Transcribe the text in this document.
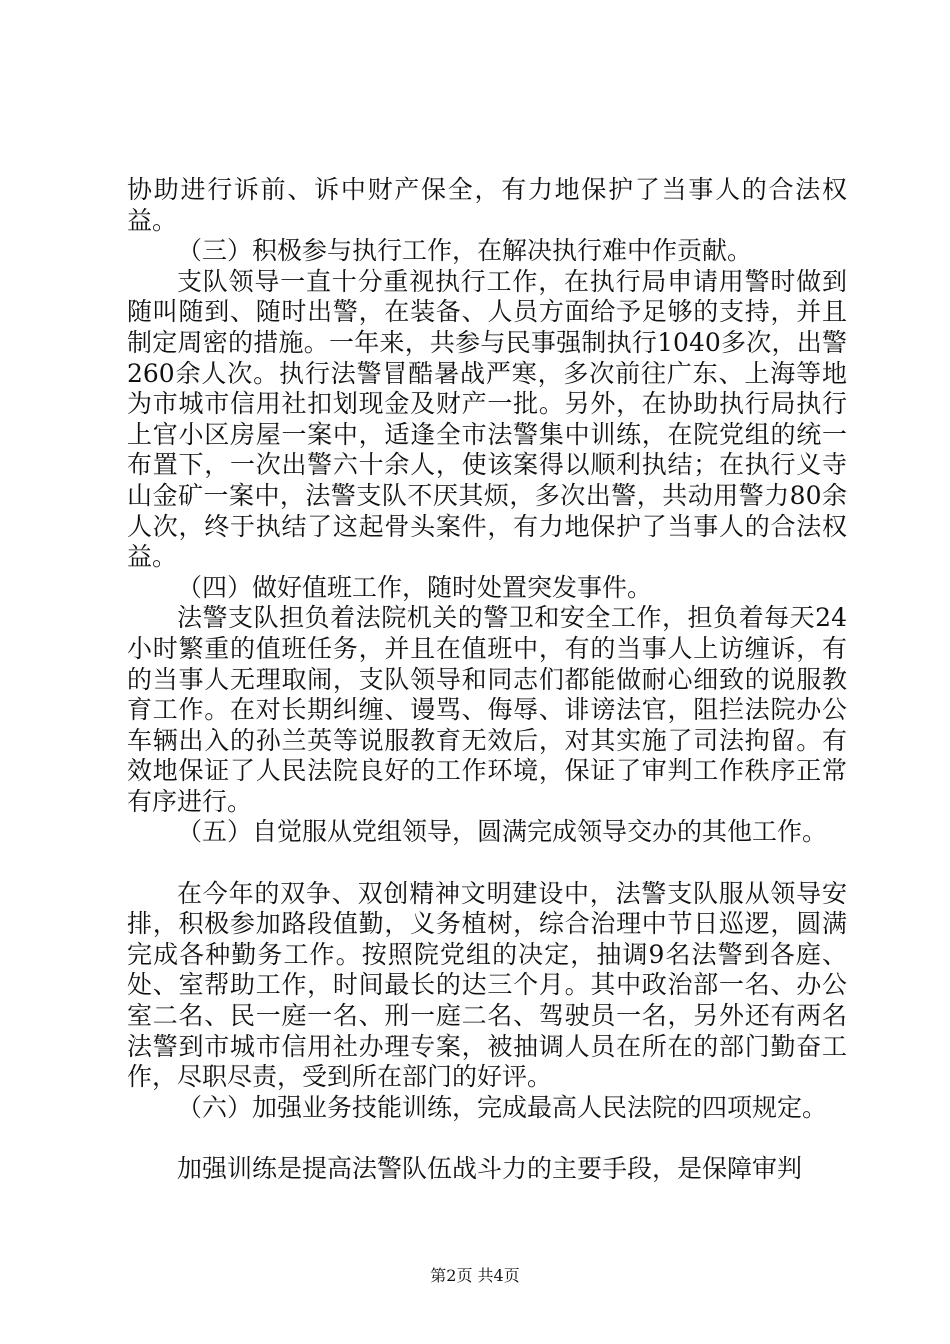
协助进行诉前、诉中财产保全，有力地保护了当事人的合法权益。

（三）积极参与执行工作，在解决执行难中作贡献。

支队领导一直十分重视执行工作，在执行局申请用警时做到随叫随到、随时出警，在装备、人员方面给予足够的支持，并且制定周密的措施。一年来，共参与民事强制执行1040多次，出警260余人次。执行法警冒酷暑战严寒，多次前往广东、上海等地为市城市信用社扣划现金及财产一批。另外，在协助执行局执行上官小区房屋一案中，适逢全市法警集中训练，在院党组的统一布置下，一次出警六十余人，使该案得以顺利执结；在执行义寺山金矿一案中，法警支队不厌其烦，多次出警，共动用警力80余人次，终于执结了这起骨头案件，有力地保护了当事人的合法权益。

（四）做好值班工作，随时处置突发事件。

法警支队担负着法院机关的警卫和安全工作，担负着每天24小时繁重的值班任务，并且在值班中，有的当事人上访缠诉，有的当事人无理取闹，支队领导和同志们都能做耐心细致的说服教育工作。在对长期纠缠、谩骂、侮辱、诽谤法官，阻拦法院办公车辆出入的孙兰英等说服教育无效后，对其实施了司法拘留。有效地保证了人民法院良好的工作环境，保证了审判工作秩序正常有序进行。

（五）自觉服从党组领导，圆满完成领导交办的其他工作。

在今年的双争、双创精神文明建设中，法警支队服从领导安排，积极参加路段值勤，义务植树，综合治理中节日巡逻，圆满完成各种勤务工作。按照院党组的决定，抽调9名法警到各庭、处、室帮助工作，时间最长的达三个月。其中政治部一名、办公室二名、民一庭一名、刑一庭二名、驾驶员一名，另外还有两名法警到市城市信用社办理专案，被抽调人员在所在的部门勤奋工作，尽职尽责，受到所在部门的好评。

（六）加强业务技能训练，完成最高人民法院的四项规定。

加强训练是提高法警队伍战斗力的主要手段，是保障审判

第2页 共4页
